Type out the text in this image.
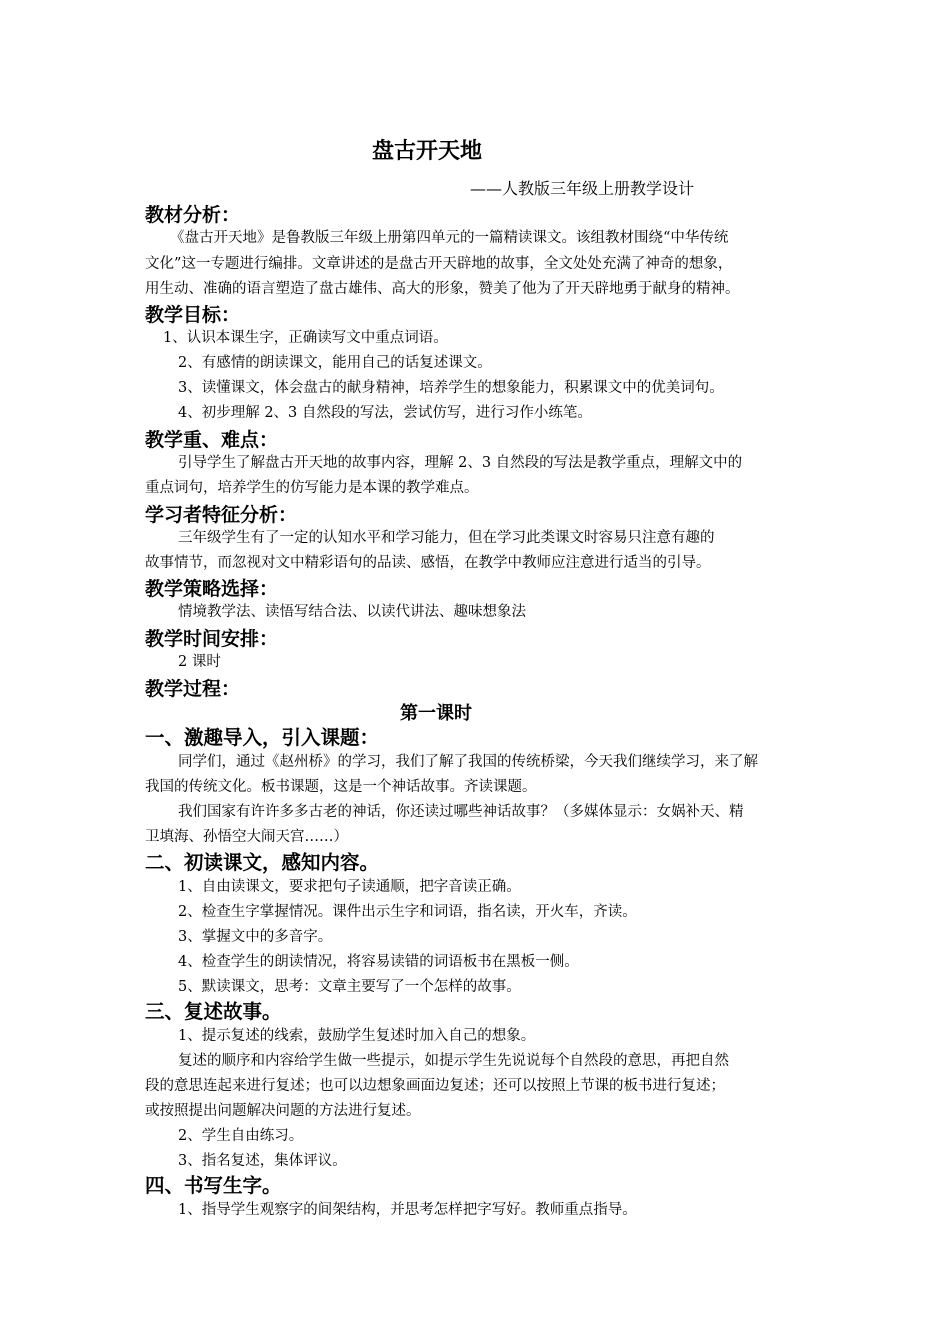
盘古开天地
——人教版三年级上册教学设计
教材分析：
《盘古开天地》是鲁教版三年级上册第四单元的一篇精读课文。该组教材围绕“中华传统
文化”这一专题进行编排。文章讲述的是盘古开天辟地的故事，全文处处充满了神奇的想象，
用生动、准确的语言塑造了盘古雄伟、高大的形象，赞美了他为了开天辟地勇于献身的精神。
教学目标：
1、认识本课生字，正确读写文中重点词语。
2、有感情的朗读课文，能用自己的话复述课文。
3、读懂课文，体会盘古的献身精神，培养学生的想象能力，积累课文中的优美词句。
4、初步理解 2、3 自然段的写法，尝试仿写，进行习作小练笔。
教学重、难点：
引导学生了解盘古开天地的故事内容，理解 2、3 自然段的写法是教学重点，理解文中的
重点词句，培养学生的仿写能力是本课的教学难点。
学习者特征分析：
三年级学生有了一定的认知水平和学习能力，但在学习此类课文时容易只注意有趣的
故事情节，而忽视对文中精彩语句的品读、感悟，在教学中教师应注意进行适当的引导。
教学策略选择：
情境教学法、读悟写结合法、以读代讲法、趣味想象法
教学时间安排：
2 课时
教学过程：
第一课时
一、激趣导入，引入课题：
同学们，通过《赵州桥》的学习，我们了解了我国的传统桥梁，今天我们继续学习，来了解
我国的传统文化。板书课题，这是一个神话故事。齐读课题。
我们国家有许许多多古老的神话，你还读过哪些神话故事？（多媒体显示：女娲补天、精
卫填海、孙悟空大闹天宫……）
二、初读课文，感知内容。
1、自由读课文，要求把句子读通顺，把字音读正确。
2、检查生字掌握情况。课件出示生字和词语，指名读，开火车，齐读。
3、掌握文中的多音字。
4、检查学生的朗读情况，将容易读错的词语板书在黑板一侧。
5、默读课文，思考：文章主要写了一个怎样的故事。
三、复述故事。
1、提示复述的线索，鼓励学生复述时加入自己的想象。
复述的顺序和内容给学生做一些提示，如提示学生先说说每个自然段的意思，再把自然
段的意思连起来进行复述；也可以边想象画面边复述；还可以按照上节课的板书进行复述；
或按照提出问题解决问题的方法进行复述。
2、学生自由练习。
3、指名复述，集体评议。
四、书写生字。
1、指导学生观察字的间架结构，并思考怎样把字写好。教师重点指导。
